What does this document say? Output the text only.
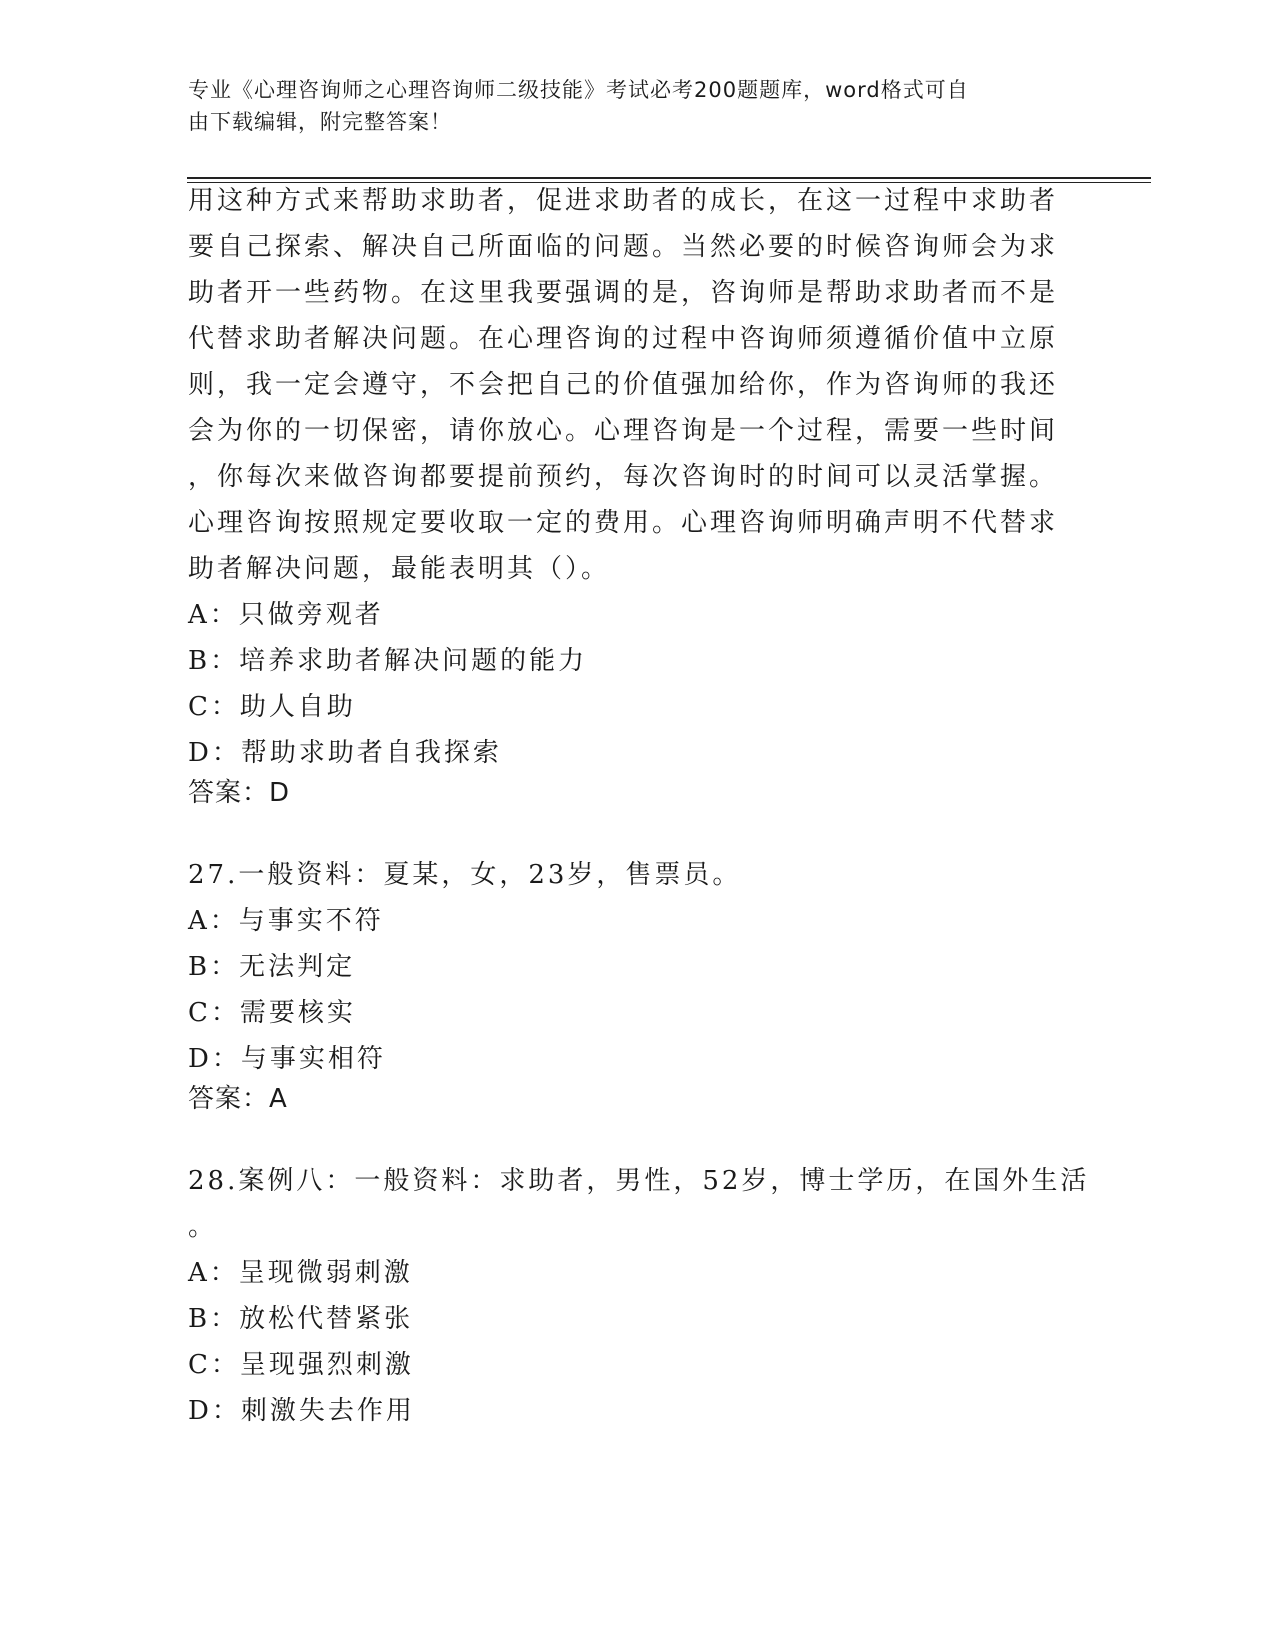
专业《心理咨询师之心理咨询师二级技能》考试必考200题题库，word格式可自
由下载编辑，附完整答案！
用这种方式来帮助求助者，促进求助者的成长，在这一过程中求助者
要自己探索、解决自己所面临的问题。当然必要的时候咨询师会为求
助者开一些药物。在这里我要强调的是，咨询师是帮助求助者而不是
代替求助者解决问题。在心理咨询的过程中咨询师须遵循价值中立原
则，我一定会遵守，不会把自己的价值强加给你，作为咨询师的我还
会为你的一切保密，请你放心。心理咨询是一个过程，需要一些时间
，你每次来做咨询都要提前预约，每次咨询时的时间可以灵活掌握。
心理咨询按照规定要收取一定的费用。心理咨询师明确声明不代替求
助者解决问题，最能表明其（）。
A：只做旁观者
B：培养求助者解决问题的能力
C：助人自助
D：帮助求助者自我探索
答案：D
27.一般资料：夏某，女，23岁，售票员。
A：与事实不符
B：无法判定
C：需要核实
D：与事实相符
答案：A
28.案例八：一般资料：求助者，男性，52岁，博士学历，在国外生活
。
A：呈现微弱刺激
B：放松代替紧张
C：呈现强烈刺激
D：刺激失去作用
